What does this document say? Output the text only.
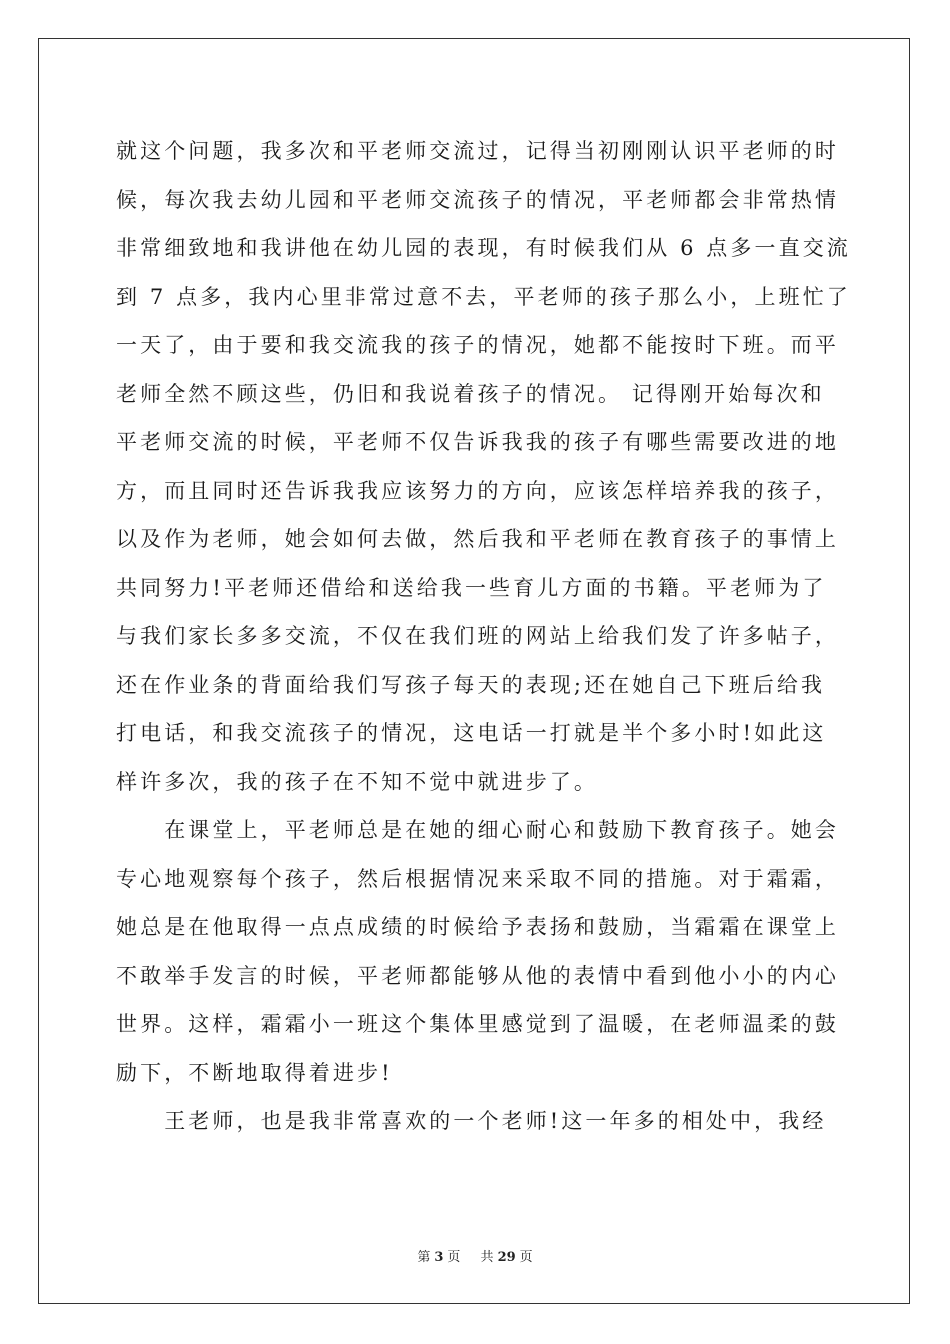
就这个问题，我多次和平老师交流过，记得当初刚刚认识平老师的时
候，每次我去幼儿园和平老师交流孩子的情况，平老师都会非常热情
非常细致地和我讲他在幼儿园的表现，有时候我们从 6 点多一直交流
到 7 点多，我内心里非常过意不去，平老师的孩子那么小，上班忙了
一天了，由于要和我交流我的孩子的情况，她都不能按时下班。而平
老师全然不顾这些，仍旧和我说着孩子的情况。 记得刚开始每次和
平老师交流的时候，平老师不仅告诉我我的孩子有哪些需要改进的地
方，而且同时还告诉我我应该努力的方向，应该怎样培养我的孩子，
以及作为老师，她会如何去做，然后我和平老师在教育孩子的事情上
共同努力!平老师还借给和送给我一些育儿方面的书籍。平老师为了
与我们家长多多交流，不仅在我们班的网站上给我们发了许多帖子，
还在作业条的背面给我们写孩子每天的表现;还在她自己下班后给我
打电话，和我交流孩子的情况，这电话一打就是半个多小时!如此这
样许多次，我的孩子在不知不觉中就进步了。
　　在课堂上，平老师总是在她的细心耐心和鼓励下教育孩子。她会
专心地观察每个孩子，然后根据情况来采取不同的措施。对于霜霜，
她总是在他取得一点点成绩的时候给予表扬和鼓励，当霜霜在课堂上
不敢举手发言的时候，平老师都能够从他的表情中看到他小小的内心
世界。这样，霜霜小一班这个集体里感觉到了温暖，在老师温柔的鼓
励下，不断地取得着进步!
　　王老师，也是我非常喜欢的一个老师!这一年多的相处中，我经
第 3 页 共 29 页
